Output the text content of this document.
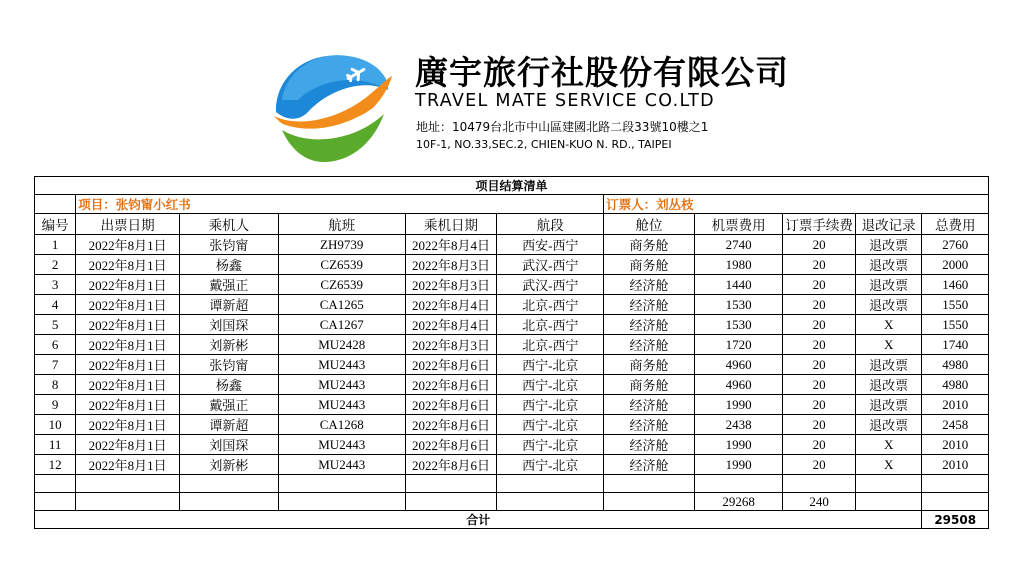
廣宇旅行社股份有限公司
TRAVEL MATE SERVICE CO.LTD
地址：10479台北市中山區建國北路二段33號10樓之1
10F-1, NO.33,SEC.2, CHIEN-KUO N. RD., TAIPEI
项目结算清单										
	项目：张钧甯小红书					订票人：刘丛枝				
编号	出票日期	乘机人	航班	乘机日期	航段	舱位	机票费用	订票手续费	退改记录	总费用
1	2022年8月1日	张钧甯	ZH9739	2022年8月4日	西安-西宁	商务舱	2740	20	退改票	2760
2	2022年8月1日	杨鑫	CZ6539	2022年8月3日	武汉-西宁	商务舱	1980	20	退改票	2000
3	2022年8月1日	戴强正	CZ6539	2022年8月3日	武汉-西宁	经济舱	1440	20	退改票	1460
4	2022年8月1日	谭新超	CA1265	2022年8月4日	北京-西宁	经济舱	1530	20	退改票	1550
5	2022年8月1日	刘国琛	CA1267	2022年8月4日	北京-西宁	经济舱	1530	20	X	1550
6	2022年8月1日	刘新彬	MU2428	2022年8月3日	北京-西宁	经济舱	1720	20	X	1740
7	2022年8月1日	张钧甯	MU2443	2022年8月6日	西宁-北京	商务舱	4960	20	退改票	4980
8	2022年8月1日	杨鑫	MU2443	2022年8月6日	西宁-北京	商务舱	4960	20	退改票	4980
9	2022年8月1日	戴强正	MU2443	2022年8月6日	西宁-北京	经济舱	1990	20	退改票	2010
10	2022年8月1日	谭新超	CA1268	2022年8月6日	西宁-北京	经济舱	2438	20	退改票	2458
11	2022年8月1日	刘国琛	MU2443	2022年8月6日	西宁-北京	经济舱	1990	20	X	2010
12	2022年8月1日	刘新彬	MU2443	2022年8月6日	西宁-北京	经济舱	1990	20	X	2010

							29268	240		
合计										29508
